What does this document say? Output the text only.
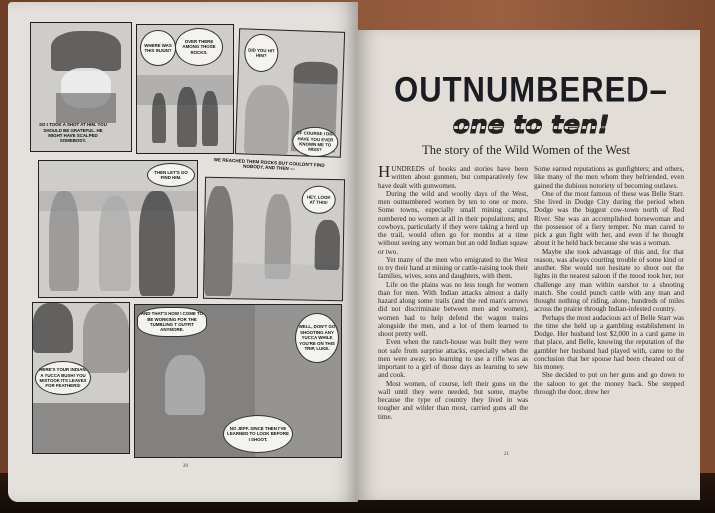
SO I TOOK A SHOT AT HIM. YOU SHOULD BE GRATEFUL. HE MIGHT HAVE SCALPED SOMEBODY.
WHERE WAS THIS INJUN?
OVER THERE AMONG THOSE ROCKS.	DID YOU HIT HIM?
OF COURSE I DID. HAVE YOU EVER KNOWN ME TO MISS?
THEN LET'S GO FIND HIM.
WE REACHED THEM ROCKS BUT COULDN'T FIND NOBODY, AND THEN —
HEY, LOOK AT THIS!
HERE'S YOUR INDIAN. A YUCCA BUSH! YOU MISTOOK ITS LEAVES FOR FEATHERS!
AND THAT'S HOW I COME TO BE WORKING FOR THE TUMBLING T OUTFIT ANYMORE.
WELL, DON'T GO SHOOTING ANY YUCCA WHILE YOU'RE ON THIS TRIP, LUKE.
NO JEFF. SINCE THEN I'VE LEARNED TO LOOK BEFORE I SHOOT.
20
OUTNUMBERED–
one to ten!
The story of the Wild Women of the West

HUNDREDS of books and stories have been written about gunmen, but comparatively few have dealt with gunwomen.

During the wild and woolly days of the West, men outnumbered women by ten to one or more. Some towns, especially small mining camps, numbered no women at all in their populations; and cowboys, particularly if they were taking a herd up the trail, would often go for months at a time without seeing any woman but an odd Indian squaw or two.

Yet many of the men who emigrated to the West to try their hand at mining or cattle-raising took their families, wives, sons and daughters, with them.

Life on the plains was no less tough for women than for men. With Indian attacks almost a daily hazard along some trails (and the red man's arrows did not discriminate between men and women), women had to help defend the wagon trains alongside the men, and a lot of them learned to shoot pretty well.

Even when the ranch-house was built they were not safe from surprise attacks, especially when the men were away, so learning to use a rifle was as important to a girl of those days as learning to sew and cook.

Most women, of course, left their guns on the wall until they were needed, but some, maybe because the type of country they lived in was tougher and wilder than most, carried guns all the time.

Some earned reputations as gunfighters; and others, like many of the men whom they befriended, even gained the dubious notoriety of becoming outlaws.

One of the most famous of these was Belle Starr. She lived in Dodge City during the period when Dodge was the biggest cow-town north of Red River. She was an accomplished horsewoman and the possessor of a fiery temper. No man cared to pick a gun fight with her, and even if he thought about it he held back because she was a woman.

Maybe she took advantage of this and, for that reason, was always courting trouble of some kind or another. She would not hesitate to shoot out the lights in the nearest saloon if the mood took her, nor challenge any man within earshot to a shooting match. She could punch cattle with any man and thought nothing of riding, alone, hundreds of miles across the prairie through Indian-infested country.

Perhaps the most audacious act of Belle Starr was the time she held up a gambling establishment in Dodge. Her husband lost $2,000 in a card game in that place, and Belle, knowing the reputation of the gambler her husband had played with, came to the conclusion that her spouse had been cheated out of his money.

She decided to put on her guns and go down to the saloon to get the money back. She stepped through the door, drew her

21
